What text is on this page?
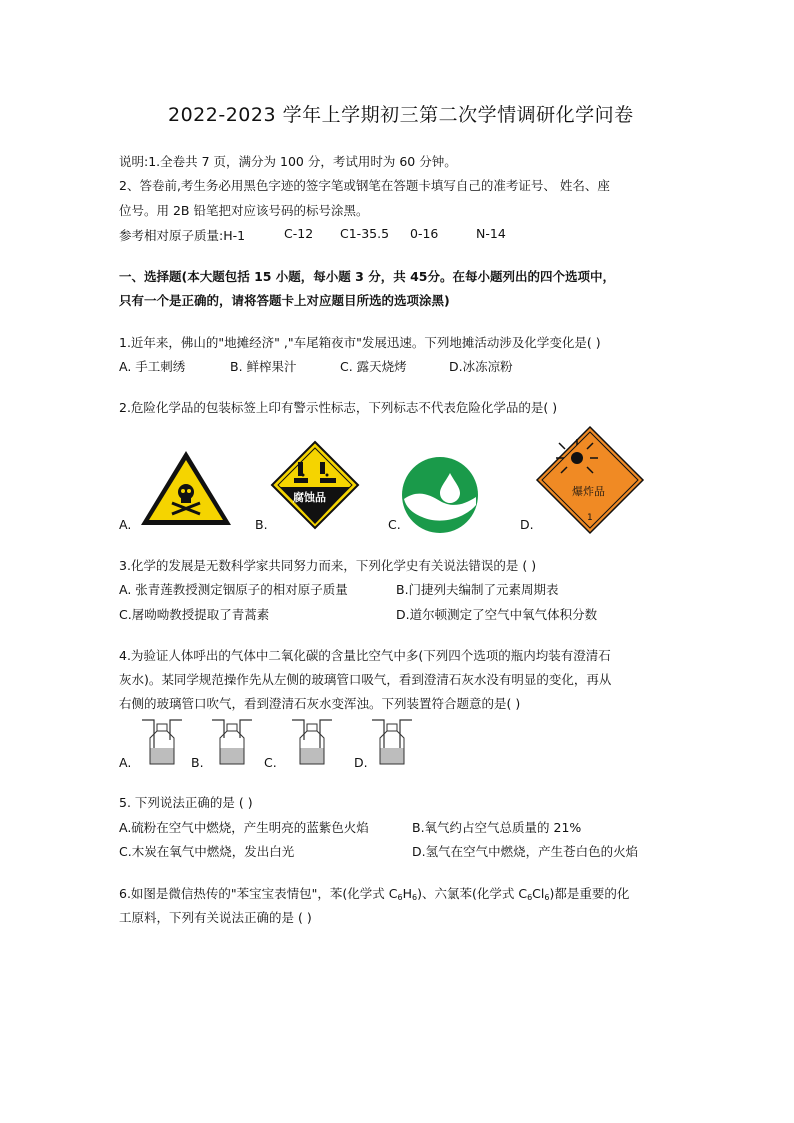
2022-2023 学年上学期初三第二次学情调研化学问卷
说明:1.全卷共 7 页，满分为 100 分，考试用时为 60 分钟。
2、答卷前,考生务必用黑色字迹的签字笔或钢笔在答题卡填写自己的准考证号、 姓名、座
位号。用 2B 铅笔把对应该号码的标号涂黑。
参考相对原子质量:H-1	C-12 C1-35.5 0-16	N-14
一、选择题(本大题包括 15 小题，每小题 3 分，共 45分。在每小题列出的四个选项中，
只有一个是正确的，请将答题卡上对应题目所选的选项涂黑)
1.近年来，佛山的"地摊经济" ,"车尾箱夜市"发展迅速。下列地摊活动涉及化学变化是( )
A. 手工刺绣	B. 鲜榨果汁	C. 露天烧烤	D.冰冻凉粉
2.危险化学品的包装标签上印有警示性标志，下列标志不代表危险化学品的是( )
A.
腐蚀品
B.	C.
爆炸品
1
D.
3.化学的发展是无数科学家共同努力而来，下列化学史有关说法错误的是 ( )
A. 张青莲教授测定铟原子的相对原子质量	B.门捷列夫编制了元素周期表
C.屠呦呦教授提取了青蒿素	D.道尔顿测定了空气中氧气体积分数
4.为验证人体呼出的气体中二氧化碳的含量比空气中多(下列四个选项的瓶内均装有澄清石
灰水)。某同学规范操作先从左侧的玻璃管口吸气，看到澄清石灰水没有明显的变化，再从
右侧的玻璃管口吹气，看到澄清石灰水变浑浊。下列装置符合题意的是( )
A.	B.	C.	D.
5. 下列说法正确的是 ( )
A.硫粉在空气中燃烧，产生明亮的蓝紫色火焰	B.氧气约占空气总质量的 21%
C.木炭在氧气中燃烧，发出白光	D.氢气在空气中燃烧，产生苍白色的火焰
6.如图是微信热传的"苯宝宝表情包"，苯(化学式 $C_6H_6$)、六氯苯(化学式 $C_6Cl_6$)都是重要的化
工原料，下列有关说法正确的是 ( )
